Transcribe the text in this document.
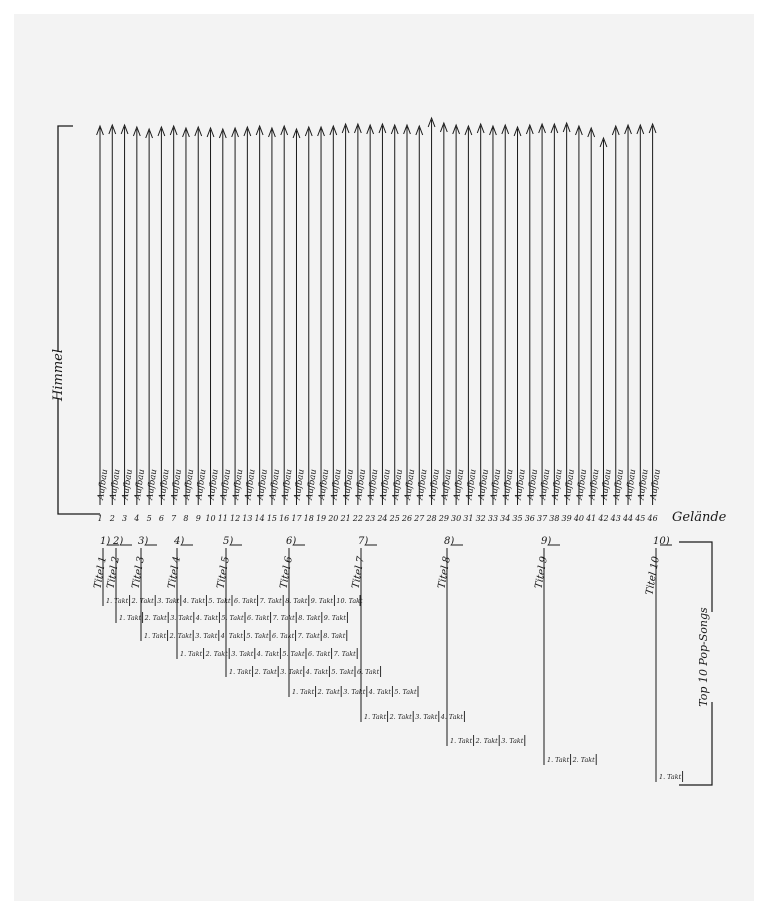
Aufbau
1
Aufbau
2
Aufbau
3
Aufbau
4
Aufbau
5
Aufbau
6
Aufbau
7
Aufbau
8
Aufbau
9
Aufbau
10
Aufbau
11
Aufbau
12
Aufbau
13
Aufbau
14
Aufbau
15
Aufbau
16
Aufbau
17
Aufbau
18
Aufbau
19
Aufbau
20
Aufbau
21
Aufbau
22
Aufbau
23
Aufbau
24
Aufbau
25
Aufbau
26
Aufbau
27
Aufbau
28
Aufbau
29
Aufbau
30
Aufbau
31
Aufbau
32
Aufbau
33
Aufbau
34
Aufbau
35
Aufbau
36
Aufbau
37
Aufbau
38
Aufbau
39
Aufbau
40
Aufbau
41
Aufbau
42
Aufbau
43
Aufbau
44
Aufbau
45
Aufbau
46
Himmel
1)
Titel 1
1. Takt 2. Takt 3. Takt 4. Takt 5. Takt 6. Takt 7. Takt 8. Takt 9. Takt 10. Takt
2)
Titel 2
1. Takt 2. Takt 3. Takt 4. Takt 5. Takt 6. Takt 7. Takt 8. Takt 9. Takt
3)
Titel 3
1. Takt 2. Takt 3. Takt 4. Takt 5. Takt 6. Takt 7. Takt 8. Takt
4)
Titel 4
1. Takt 2. Takt 3. Takt 4. Takt 5. Takt 6. Takt 7. Takt
5)
Titel 5
1. Takt 2. Takt 3. Takt 4. Takt 5. Takt 6. Takt
6)
Titel 6
1. Takt 2. Takt 3. Takt 4. Takt 5. Takt
7)
Titel 7
1. Takt 2. Takt 3. Takt 4. Takt
8)
Titel 8
1. Takt 2. Takt 3. Takt
9)
Titel 9
1. Takt 2. Takt
10)
Titel 10
1. Takt
Top 10 Pop-Songs
Gelände
